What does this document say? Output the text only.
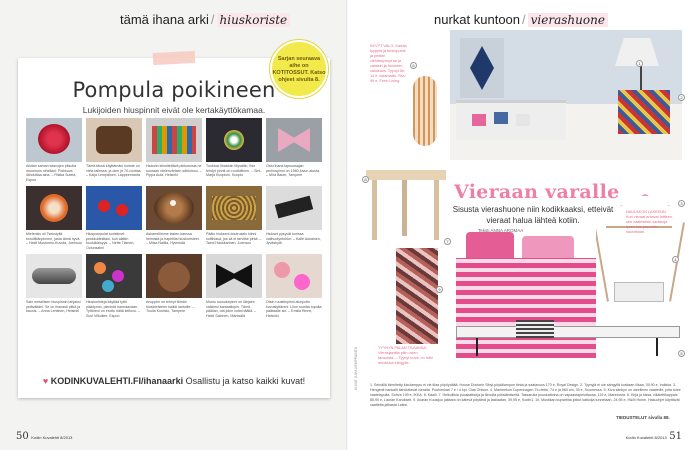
tämä ihana arki / hiuskoriste
Pompula poikineen
Lukijoiden hiuspinnit eivät ole kertakäyttökamaa.
Alkitan saman kasvojen pitsulla muunnoin oiheilani. Poikkuva ilahduttaa aina. – Riikka Sutela, Espoo
Tämä tässä käyttämäni koriste on viela tallessa, ja olen jo 70-vuotias. – Kaija Lempäinen, Lappeenranta
Hiuksiin kiinnitettävä pikkuruisia ne suoraan värienvärisen sähkösuu. – Pippa Aula, Helsinki
Tuokiosi Ilkastuin Mysäilin. Itse tehdyt pinnit on roottoitinen. – Sini-Marja Kuopioin, Kuopio
Ostu ihana lapsuusajan perhospinni on 1980-luvun alusta. – Mira Bauer, Tampere
Mielenkin oli Tsekstyllä koruliittänpinnen, jasta tämä hyvä. – Heidi Mustonen-Kuvola, Joensuu
Hiuspompulat koristimet peukkudestiani, kun alattin kouluikäisyys. – Nette Tiainen, Oulunsalmi
Askarrellimme lasten kanssa helmistä ja hapetilla hiuskoristeet. – Miisa Nallila, Hyvinkää
Pääin hiukseni doutruselu kiinni sulfihiasa, jos sä ei tarvitse pintä. – Taimi Haukkarinen, Joensuu
Hiukset pysyvät kurissa valihuotyntohke. – Kalle Aukainen, Jyväskylä
Sain metallisen hiuspinnin lahjaksi ystävältäni. Se on ihanasti pitkä ja kaunis. – Anna Lehtinen, Helsinki
Hiuskoristeja käyttää tyttö päädymin, pienistä harmaavaan. Tyttöreni on erottu näitä kelluvu. – Suvi Vilkuilee, Espoo
Anoppini on tehnyt tämän hiuskoristeen kaikki lantoille. – Tuulia Koivisto, Tampere
Mustu ruusukepinni on lähjaen valkkesi kantaaliopin. Tämä pääilan, ota jokin vottoi täällä. – Heidi Salonen, Mäntsälä
Otsin ruusitinpinni alunpotin kuvustyttäreni. Lilun roustta topulta päätaalle sin. – Emilia Rinne, Helsinki
♥ KODINKUVALEHTI.FI/ihanaarki Osallistu ja katso kaikki kuvat!
Sarjan seuraava aihe on KOTITOSSUT. Katso ohjeet sivulta 8.
50 Kodin Kuvalehti 8/2013
nurkat kuntoon / vierashuone
Vieraan varalle
Sisusta vierashuone niin kodikkaaksi, etteivät vieraat halua lähteä kotiin.
Teksti ANNA AROMAA
KEVYT VALO. Kaislia tyyppiä ja tunkopumii ja pedien viehässynnyt se ja valaisin ja huoneen valoisuus. Tyynyt 5e-14 e, kalamatto. Sivu 99 e, Ferm Living
NAULAKON LAKEENN. Kun vieraat antavat laitteen, sen vaatesekin sankkoja tysen kun paraskin huonetaan.
TYYNYN PALAN TILAANSA. Vierasjaetilta pilin ovien tavuoista. – Tyynyt kuva, on tutki muottuva sängylle.
1
2
3
4
5
6
7
8
9
KUVAT JUHA KEMPPAINEN	1. Seinällä kiinnitetty lukulamppu ei vie tilaa yöpöydältä. House Doctorin Sibyl-pöytälampun hinta ja saatavuus 170 e, Royal Design. 2. Tyynyjä ei ole sängyllä koskaan liikaa, 39,90 e, Indiska. 3. Hengenit hankalit ilahduttavat vieraita. Puuhenkari 7 e / 4 kpl, Clas Ohlson. 4. Marimekon Copenhagen-Tiu-tekki, 74 e ja 560 cm, 39 e, Suomessa. 5. Kiva sänkyn on oleellinen vaatteille, joita tulee vaatelapulta. Sohva 199 e, IKEA. 6. Kaalli. 7. Helkullisia puuskattoeja ja tiimoita piiristämiseltä. Tassarulla puuskattoina on vapaastapelottavaa, 119 e, Mariniosta. 8. Kirja ja kissa. villatettikappale 85,90 e, Lauran Karukselt. 9. Avaran Kuusijuo jakkara on kätevä pöytänä ja lasilaatan, 39,95 e, Kodin1. 10. Mustikan kupsetitia jotkut katkoija tunnetaan, 24,95 e, H&M Home. Hakuohjet käyttävät vaatteita jalkasta Lakisi.
TIEDUSTELUT sivulla 88.
Kodin Kuvalehti 8/2013 51
